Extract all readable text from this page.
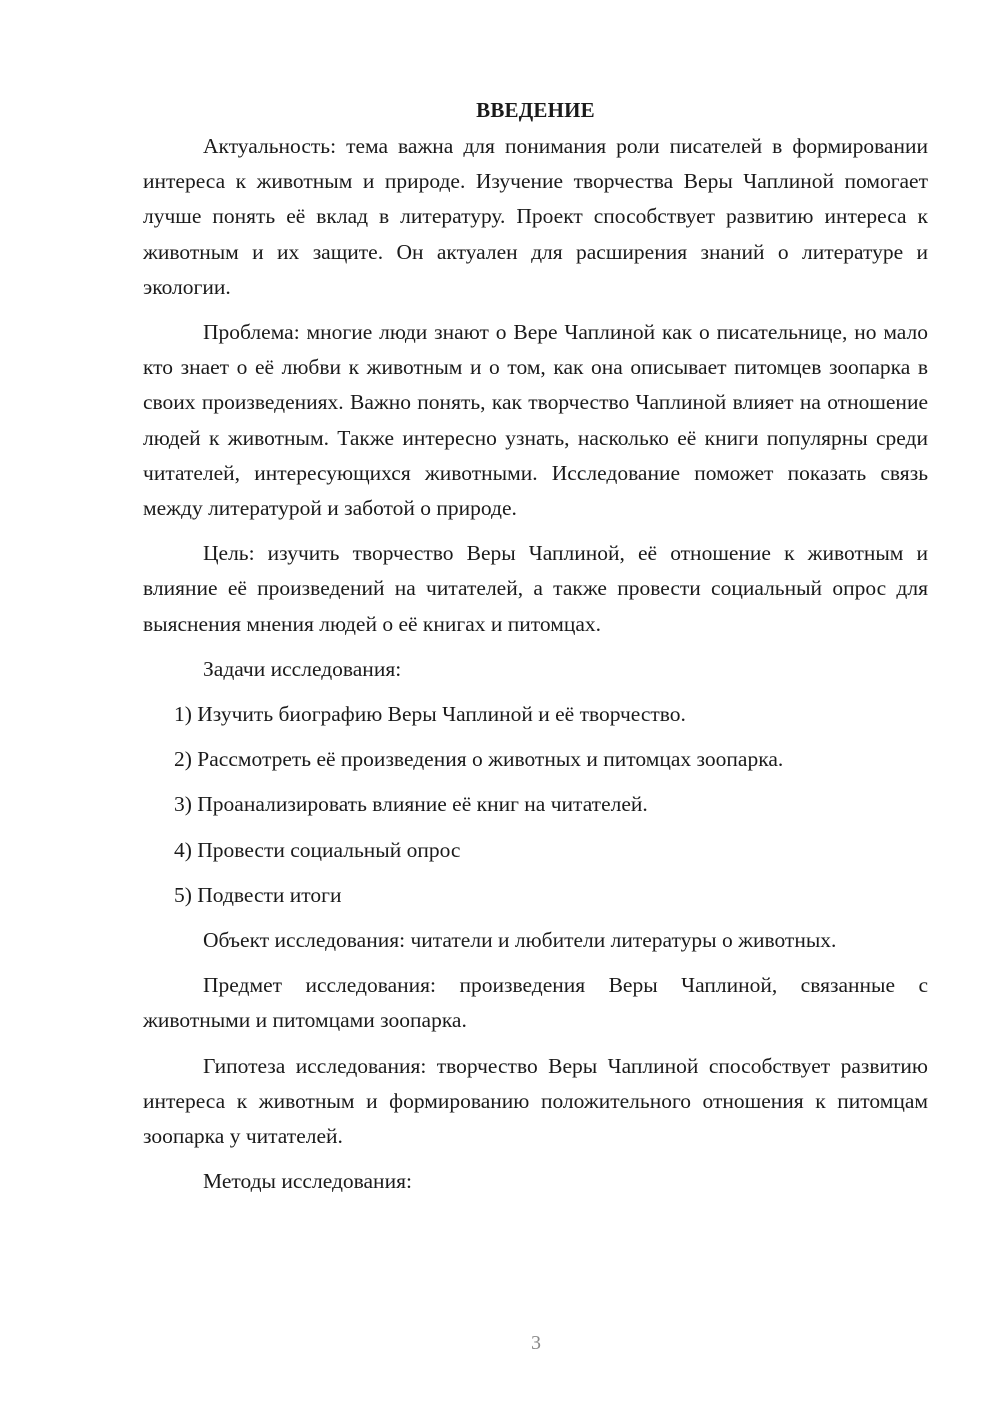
ВВЕДЕНИЕ

Актуальность: тема важна для понимания роли писателей в формировании интереса к животным и природе. Изучение творчества Веры Чаплиной помогает лучше понять её вклад в литературу. Проект способствует развитию интереса к животным и их защите. Он актуален для расширения знаний о литературе и экологии.

Проблема: многие люди знают о Вере Чаплиной как о писательнице, но мало кто знает о её любви к животным и о том, как она описывает питомцев зоопарка в своих произведениях. Важно понять, как творчество Чаплиной влияет на отношение людей к животным. Также интересно узнать, насколько её книги популярны среди читателей, интересующихся животными. Исследование поможет показать связь между литературой и заботой о природе.

Цель: изучить творчество Веры Чаплиной, её отношение к животным и влияние её произведений на читателей, а также провести социальный опрос для выяснения мнения людей о её книгах и питомцах.

Задачи исследования:

1) Изучить биографию Веры Чаплиной и её творчество.

2) Рассмотреть её произведения о животных и питомцах зоопарка.

3) Проанализировать влияние её книг на читателей.

4) Провести социальный опрос

5) Подвести итоги

Объект исследования: читатели и любители литературы о животных.

Предмет исследования: произведения Веры Чаплиной, связанные с животными и питомцами зоопарка.

Гипотеза исследования: творчество Веры Чаплиной способствует развитию интереса к животным и формированию положительного отношения к питомцам зоопарка у читателей.

Методы исследования:

3
